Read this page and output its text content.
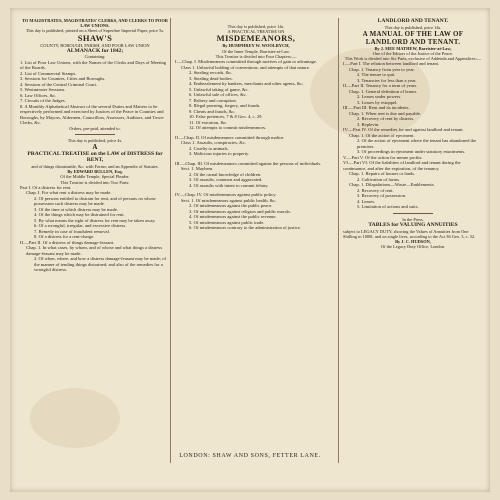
TO MAGISTRATES, MAGISTRATES' CLERKS, AND CLERKS TO POOR LAW UNIONS.
This day is published, printed on a Sheet of Superfine Imperial Paper, price 5s.
SHAW'S
COUNTY, BOROUGH, PARISH, AND POOR LAW UNION
ALMANACK for 1842;
Containing:
1. List of Poor Law Unions, with the Names of the Clerks and Days of Meeting of the Boards.
2. List of Commercial Stamps.
3. Sessions for Counties, Cities and Boroughs.
4. Sessions of the Central Criminal Court.
5. Westminster Sessions.
6. Law Offices, &c.
7. Circuits of the Judges.
8. A Monthly Alphabetical Abstract of the several Duties and Matters to be respectively performed and exercised by Justices of the Peace in Counties and Boroughs, by Mayors, Aldermen, Councillors, Assessors, Auditors, and Town-Clerks, &c.
Orders, pre-paid, attended to.
This day is published, price 4s.
A
PRACTICAL TREATISE on the LAW of DISTRESS for RENT,
and of things distrainable, &c. with Forms; and an Appendix of Statutes.
By EDWARD BULLEN, Esq.
Of the Middle Temple, Special Pleader.
This Treatise is divided into Two Parts:
Part I. Of a distress for rent.
Chap. I. For what rent a distress may be made.
2. Of persons entitled to distrain for rent, and of persons on whose possession such distress may be made.
3. Of the time at which distress may be made.
4. Of the things which may be distrained for rent.
5. By what means the right of distress for rent may be taken away.
6. Of a wrongful, irregular, and excessive distress.
7. Remedy in case of fraudulent removal.
8. Of a distress for a rent-charge.
II.—Part II. Of a distress of things damage-feasant.
Chap. 1. In what cases, by whom, and of whose and what things a distress damage-feasant may be made.
2. Of when, where, and how a distress damage-feasant may be made; of the manner of tending things distrained; and also of the remedies for a wrongful distress.
This day is published, price 14s.
A PRACTICAL TREATISE ON
MISDEMEANORS,
By HUMPHREY W. WOOLRYCH,
Of the Inner Temple, Barrister-at-Law.
This Treatise is divided into Four Chapters:—
I.—Chap. I. Misdemeanors committed through motives of gain or advantage.
Class 1. Unlawful holding of conventions, and attempts of that nature.
2. Stealing records, &c.
3. Stealing dead bodies.
4. Embezzlement by bankers, merchants and other agents, &c.
5. Unlawful taking of game, &c.
6. Unlawful sale of offices, &c.
7. Bribery and corruption.
8. Illegal pawning, forgery, and frauds.
9. Cheats and frauds, &c.
10. False pretences, 7 & 8 Geo. 4, c. 29.
11. Of extortion, &c.
12. Of attempts to commit misdemeanors.
II.—Chap. II. Of misdemeanors committed through malice.
Class 1. Assaults, conspiracies, &c.
2. Cruelty to animals.
3. Malicious injuries to property.
III.—Chap. III. Of misdemeanors committed against the persons of individuals.
Sect. 1. Mayhem.
2. Of the carnal knowledge of children.
3. Of assaults, common and aggravated.
4. Of assaults with intent to commit felony.
IV.—Chap. IV. Of misdemeanors against public policy.
Sect. 1. Of misdemeanors against public health, &c.
2. Of misdemeanors against the public peace.
3. Of misdemeanors against religion and public morals.
4. Of misdemeanors against the public revenue.
5. Of misdemeanors against public trade.
6. Of misdemeanors contrary to the administration of justice.
LANDLORD AND TENANT.
This day is published, price 14s.
A MANUAL OF THE LAW OF LANDLORD AND TENANT.
By J. MEE MATHEW, Barrister-at-Law,
One of the Editors of the Justice of the Peace.
This Work is divided into Six Parts, exclusive of Addenda and Appendices:—
I.—Part I. The relation between landlord and tenant.
Chap. 1. Tenancy from year to year.
2. The tenure to quit.
3. Tenancies for less than a year.
II.—Part II. Tenancy for a term of years.
Chap. 1. General definition of leases.
2. Leases under powers.
3. Leases by estoppel.
III.—Part III. Rent and its incidents.
Chap. 1. When rent is due and payable.
2. Recovery of rent by distress.
3. Replevin.
IV.—Part IV. Of the remedies for and against landlord and tenant.
Chap. 1. Of the action of ejectment.
2. Of the action of ejectment where the tenant has abandoned the premises.
3. Of proceedings in ejectment under statutory enactments.
V.—Part V. Of the action for mesne profits.
VI.—Part VI. Of the liabilities of landlord and tenant during the continuance, and after the expiration, of the tenancy.
Chap. 1. Repairs of houses or lands.
2. Cultivation of farms.
Chap. 1. Dilapidations—Waste—Emblements.
2. Recovery of rent.
3. Recovery of possession.
4. Leases.
5. Limitation of actions and suits.
In the Press.
TABLES for VALUING ANNUITIES
subject to LEGACY DUTY, showing the Values of Annuities from One Shilling to 1000l. and on single lives, according to the Act 36 Geo. 3, c. 52.
By J. C. HUDSON,
Of the Legacy Duty Office, London.
LONDON: SHAW AND SONS, FETTER LANE.
